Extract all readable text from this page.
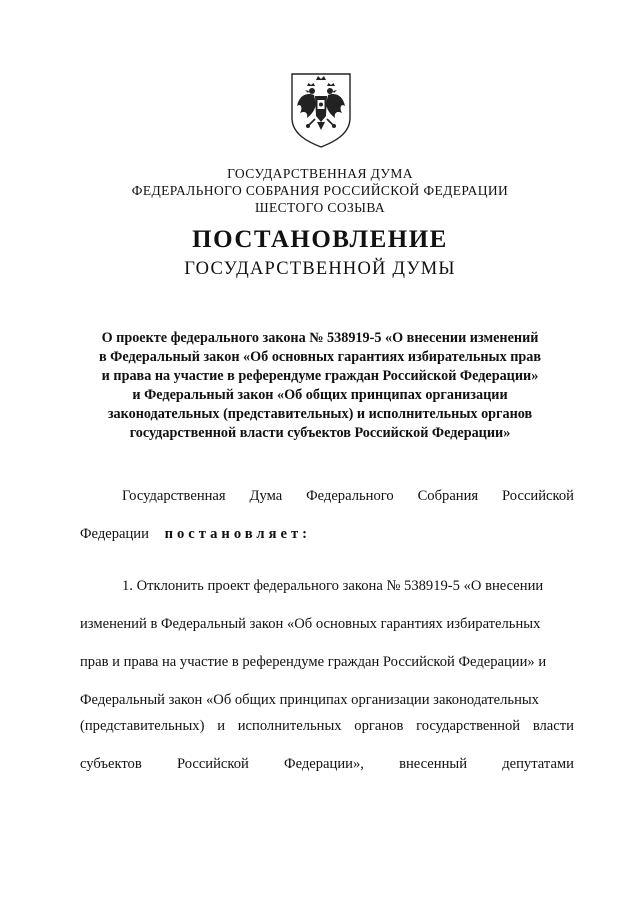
ГОСУДАРСТВЕННАЯ ДУМА
ФЕДЕРАЛЬНОГО СОБРАНИЯ РОССИЙСКОЙ ФЕДЕРАЦИИ
ШЕСТОГО СОЗЫВА
ПОСТАНОВЛЕНИЕ
ГОСУДАРСТВЕННОЙ ДУМЫ
О проекте федерального закона № 538919-5 «О внесении изменений
в Федеральный закон «Об основных гарантиях избирательных прав
и права на участие в референдуме граждан Российской Федерации»
и Федеральный закон «Об общих принципах организации
законодательных (представительных) и исполнительных органов
государственной власти субъектов Российской Федерации»
Государственная Дума Федерального Собрания Российской
Федерации постановляет:
1. Отклонить проект федерального закона № 538919-5 «О внесении
изменений в Федеральный закон «Об основных гарантиях избирательных
прав и права на участие в референдуме граждан Российской Федерации» и
Федеральный закон «Об общих принципах организации законодательных
(представительных) и исполнительных органов государственной власти
субъектов Российской Федерации», внесенный депутатами
